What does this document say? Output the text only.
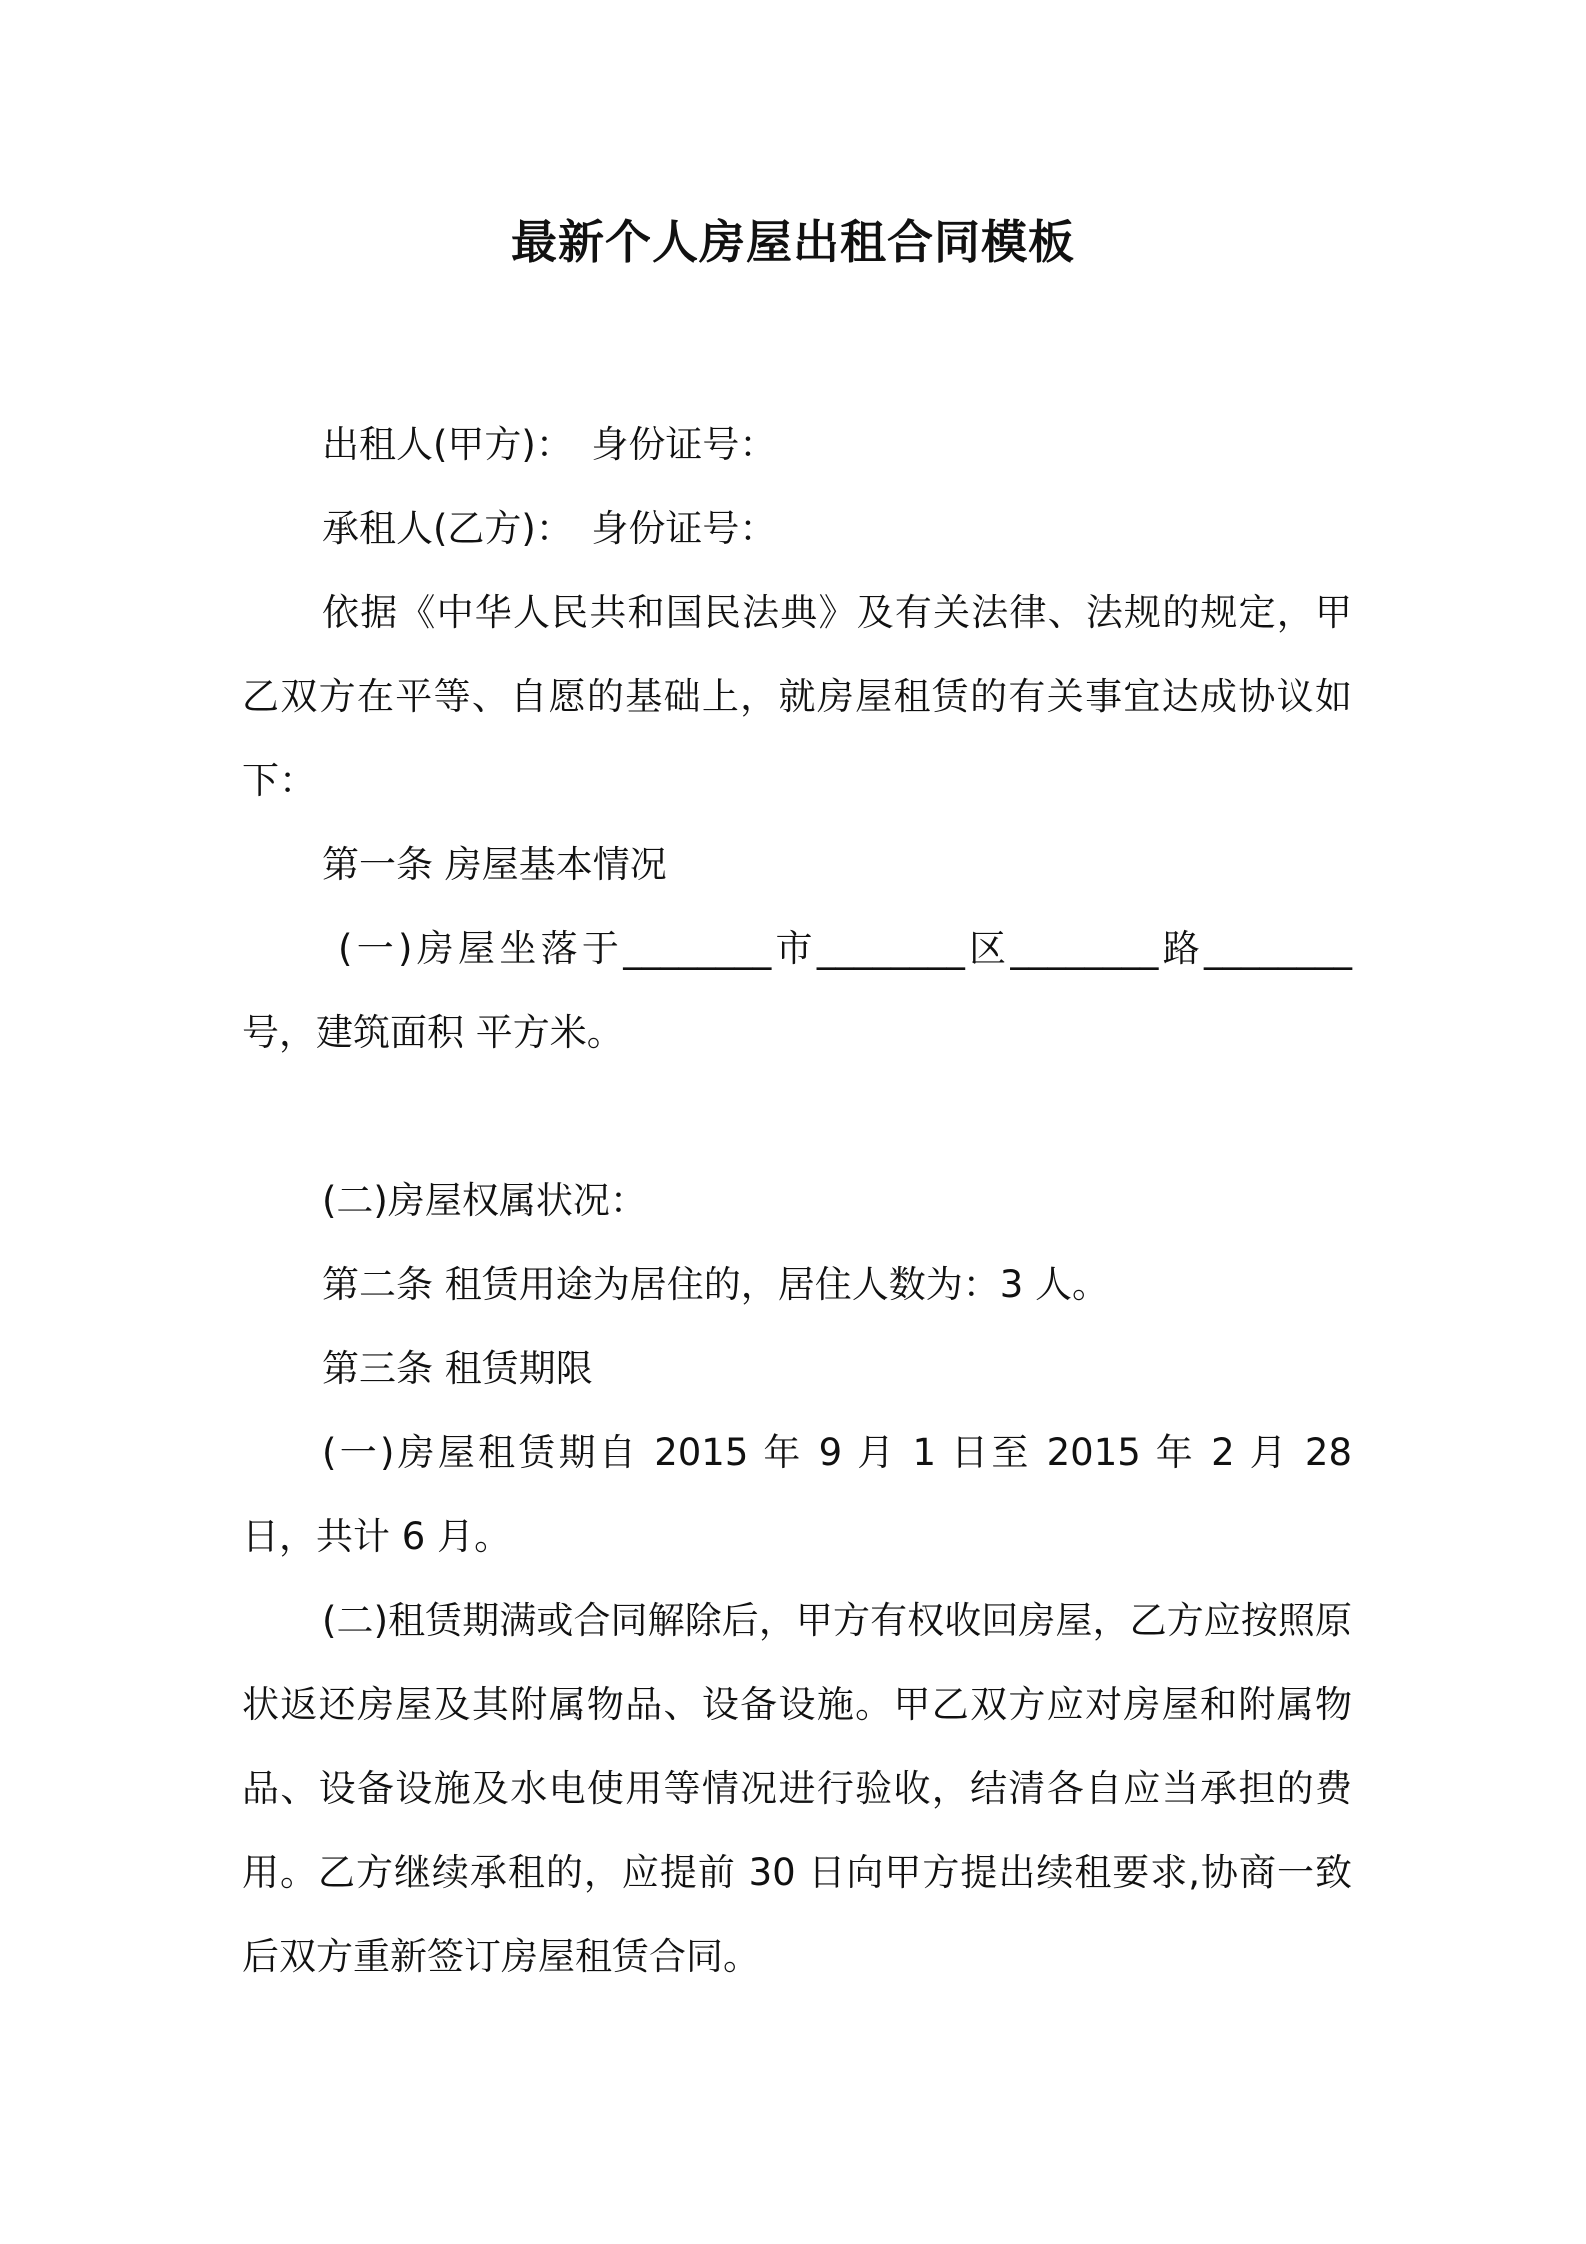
最新个人房屋出租合同模板

出租人(甲方)：　身份证号：

承租人(乙方)：　身份证号：

依据《中华人民共和国民法典》及有关法律、法规的规定，甲乙双方在平等、自愿的基础上，就房屋租赁的有关事宜达成协议如下：

第一条 房屋基本情况

(一)房屋坐落于________市________区________路________号，建筑面积 平方米。

(二)房屋权属状况：

第二条 租赁用途为居住的，居住人数为：3 人。

第三条 租赁期限

(一)房屋租赁期自 2015 年 9 月 1 日至 2015 年 2 月 28 日，共计 6 月。

(二)租赁期满或合同解除后，甲方有权收回房屋，乙方应按照原状返还房屋及其附属物品、设备设施。甲乙双方应对房屋和附属物品、设备设施及水电使用等情况进行验收，结清各自应当承担的费用。乙方继续承租的，应提前 30 日向甲方提出续租要求,协商一致后双方重新签订房屋租赁合同。
